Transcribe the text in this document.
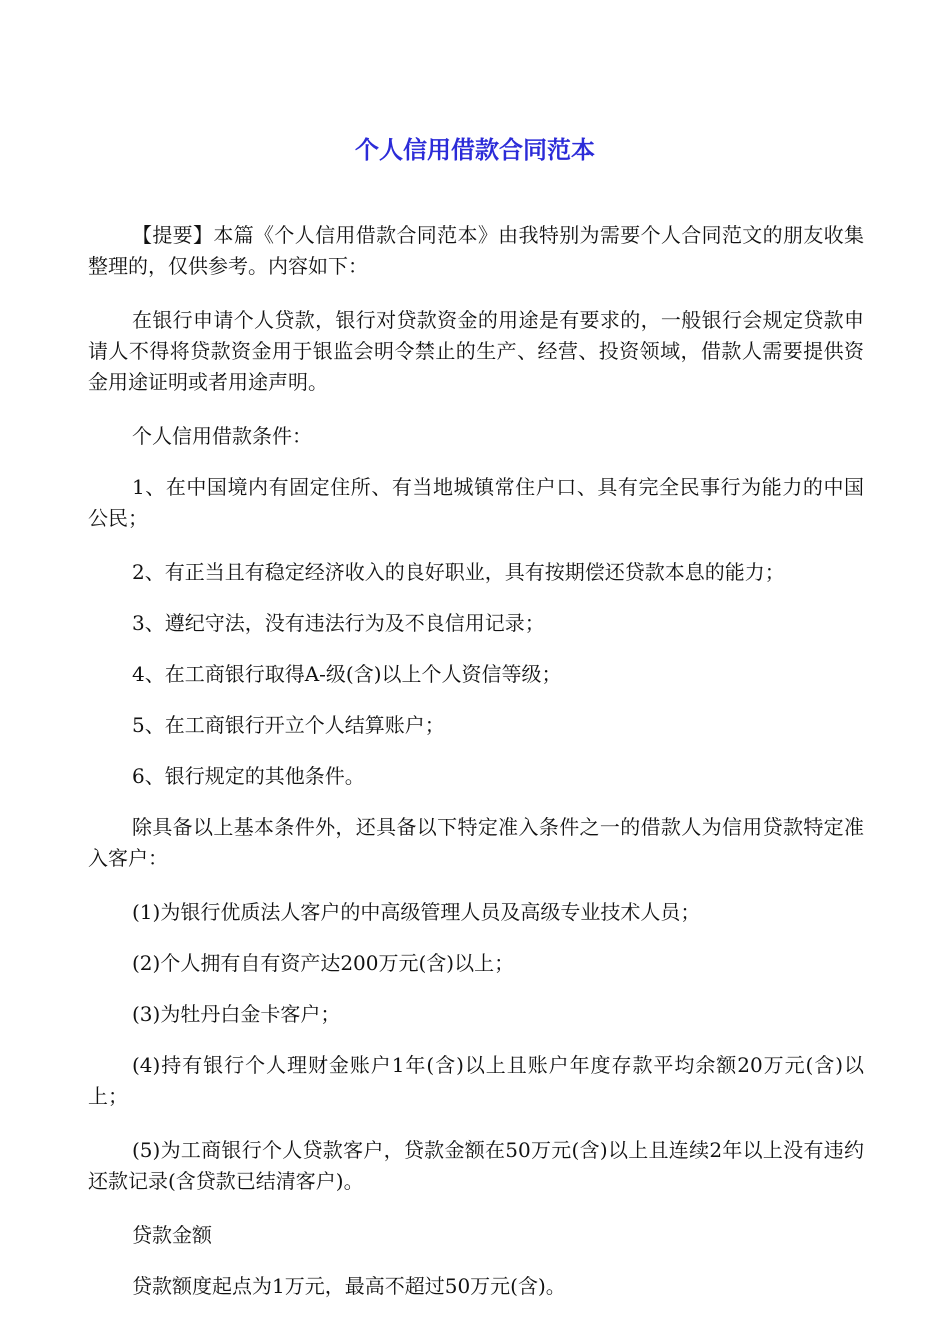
个人信用借款合同范本

【提要】本篇《个人信用借款合同范本》由我特别为需要个人合同范文的朋友收集整理的，仅供参考。内容如下：

在银行申请个人贷款，银行对贷款资金的用途是有要求的，一般银行会规定贷款申请人不得将贷款资金用于银监会明令禁止的生产、经营、投资领域，借款人需要提供资金用途证明或者用途声明。

个人信用借款条件：

1、在中国境内有固定住所、有当地城镇常住户口、具有完全民事行为能力的中国公民；

2、有正当且有稳定经济收入的良好职业，具有按期偿还贷款本息的能力；

3、遵纪守法，没有违法行为及不良信用记录；

4、在工商银行取得A-级(含)以上个人资信等级；

5、在工商银行开立个人结算账户；

6、银行规定的其他条件。

除具备以上基本条件外，还具备以下特定准入条件之一的借款人为信用贷款特定准入客户：

(1)为银行优质法人客户的中高级管理人员及高级专业技术人员；

(2)个人拥有自有资产达200万元(含)以上；

(3)为牡丹白金卡客户；

(4)持有银行个人理财金账户1年(含)以上且账户年度存款平均余额20万元(含)以上；

(5)为工商银行个人贷款客户，贷款金额在50万元(含)以上且连续2年以上没有违约还款记录(含贷款已结清客户)。

贷款金额

贷款额度起点为1万元，最高不超过50万元(含)。
